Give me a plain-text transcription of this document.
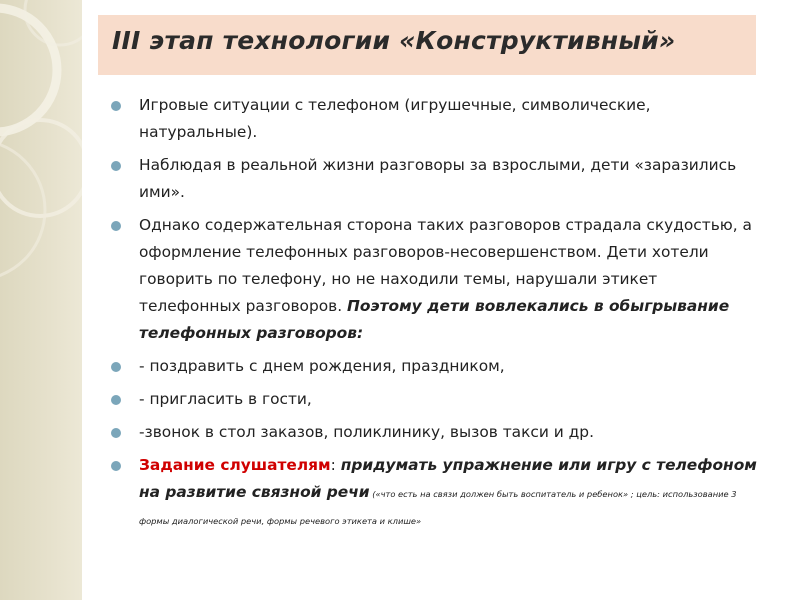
III этап технологии «Конструктивный»
Игровые ситуации с телефоном (игрушечные, символические, натуральные).
Наблюдая в реальной жизни разговоры за взрослыми, дети «заразились ими».
Однако содержательная сторона таких разговоров страдала скудостью, а оформление телефонных разговоров-несовершенством. Дети хотели говорить по телефону, но не находили темы, нарушали этикет телефонных разговоров. Поэтому дети вовлекались в обыгрывание телефонных разговоров:
- поздравить с днем рождения, праздником,
- пригласить в гости,
-звонок в стол заказов, поликлинику, вызов такси и др.
Задание слушателям: придумать упражнение или игру с телефоном на развитие связной речи («что есть на связи должен быть воспитатель и ребенок» ; цель: использование 3 формы диалогической речи, формы речевого этикета и клише»
